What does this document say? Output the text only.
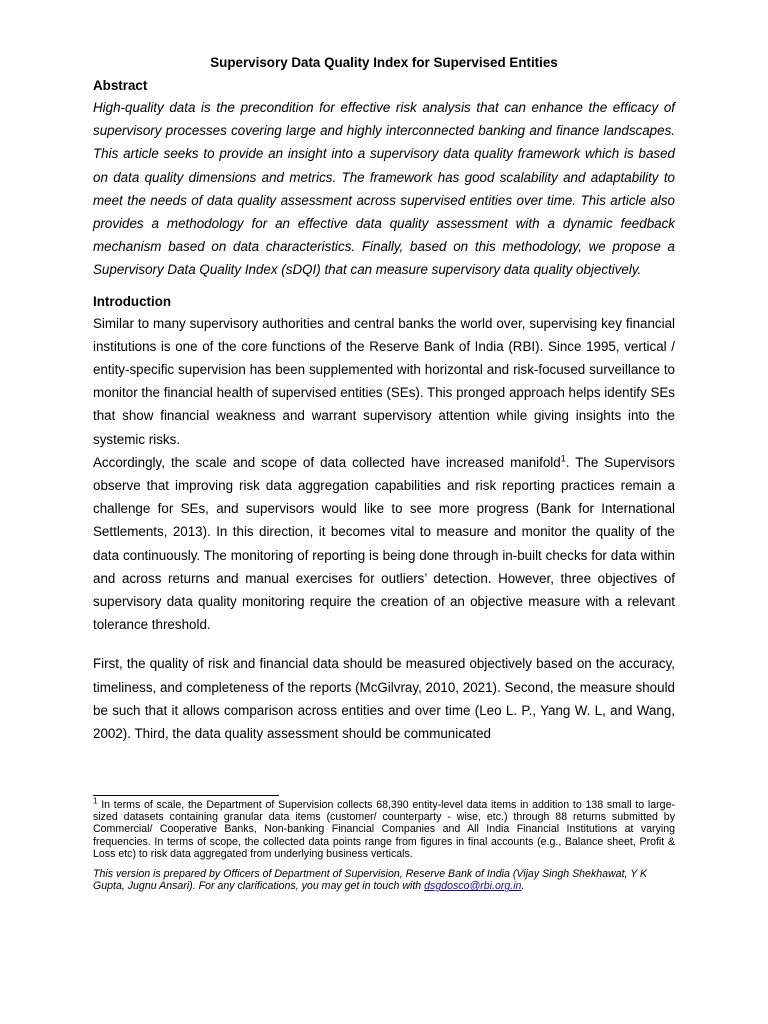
Supervisory Data Quality Index for Supervised Entities

Abstract

High-quality data is the precondition for effective risk analysis that can enhance the efficacy of supervisory processes covering large and highly interconnected banking and finance landscapes. This article seeks to provide an insight into a supervisory data quality framework which is based on data quality dimensions and metrics. The framework has good scalability and adaptability to meet the needs of data quality assessment across supervised entities over time. This article also provides a methodology for an effective data quality assessment with a dynamic feedback mechanism based on data characteristics. Finally, based on this methodology, we propose a Supervisory Data Quality Index (sDQI) that can measure supervisory data quality objectively.

Introduction

Similar to many supervisory authorities and central banks the world over, supervising key financial institutions is one of the core functions of the Reserve Bank of India (RBI). Since 1995, vertical / entity-specific supervision has been supplemented with horizontal and risk-focused surveillance to monitor the financial health of supervised entities (SEs). This pronged approach helps identify SEs that show financial weakness and warrant supervisory attention while giving insights into the systemic risks.

Accordingly, the scale and scope of data collected have increased manifold$^1$. The Supervisors observe that improving risk data aggregation capabilities and risk reporting practices remain a challenge for SEs, and supervisors would like to see more progress (Bank for International Settlements, 2013). In this direction, it becomes vital to measure and monitor the quality of the data continuously. The monitoring of reporting is being done through in-built checks for data within and across returns and manual exercises for outliers’ detection. However, three objectives of supervisory data quality monitoring require the creation of an objective measure with a relevant tolerance threshold.

First, the quality of risk and financial data should be measured objectively based on the accuracy, timeliness, and completeness of the reports (McGilvray, 2010, 2021). Second, the measure should be such that it allows comparison across entities and over time (Leo L. P., Yang W. L, and Wang, 2002). Third, the data quality assessment should be communicated

$^1$ In terms of scale, the Department of Supervision collects 68,390 entity-level data items in addition to 138 small to large-sized datasets containing granular data items (customer/ counterparty - wise, etc.) through 88 returns submitted by Commercial/ Cooperative Banks, Non-banking Financial Companies and All India Financial Institutions at varying frequencies. In terms of scope, the collected data points range from figures in final accounts (e.g., Balance sheet, Profit & Loss etc) to risk data aggregated from underlying business verticals.

This version is prepared by Officers of Department of Supervision, Reserve Bank of India (Vijay Singh Shekhawat, Y K Gupta, Jugnu Ansari). For any clarifications, you may get in touch with dsgdosco@rbi.org.in.
